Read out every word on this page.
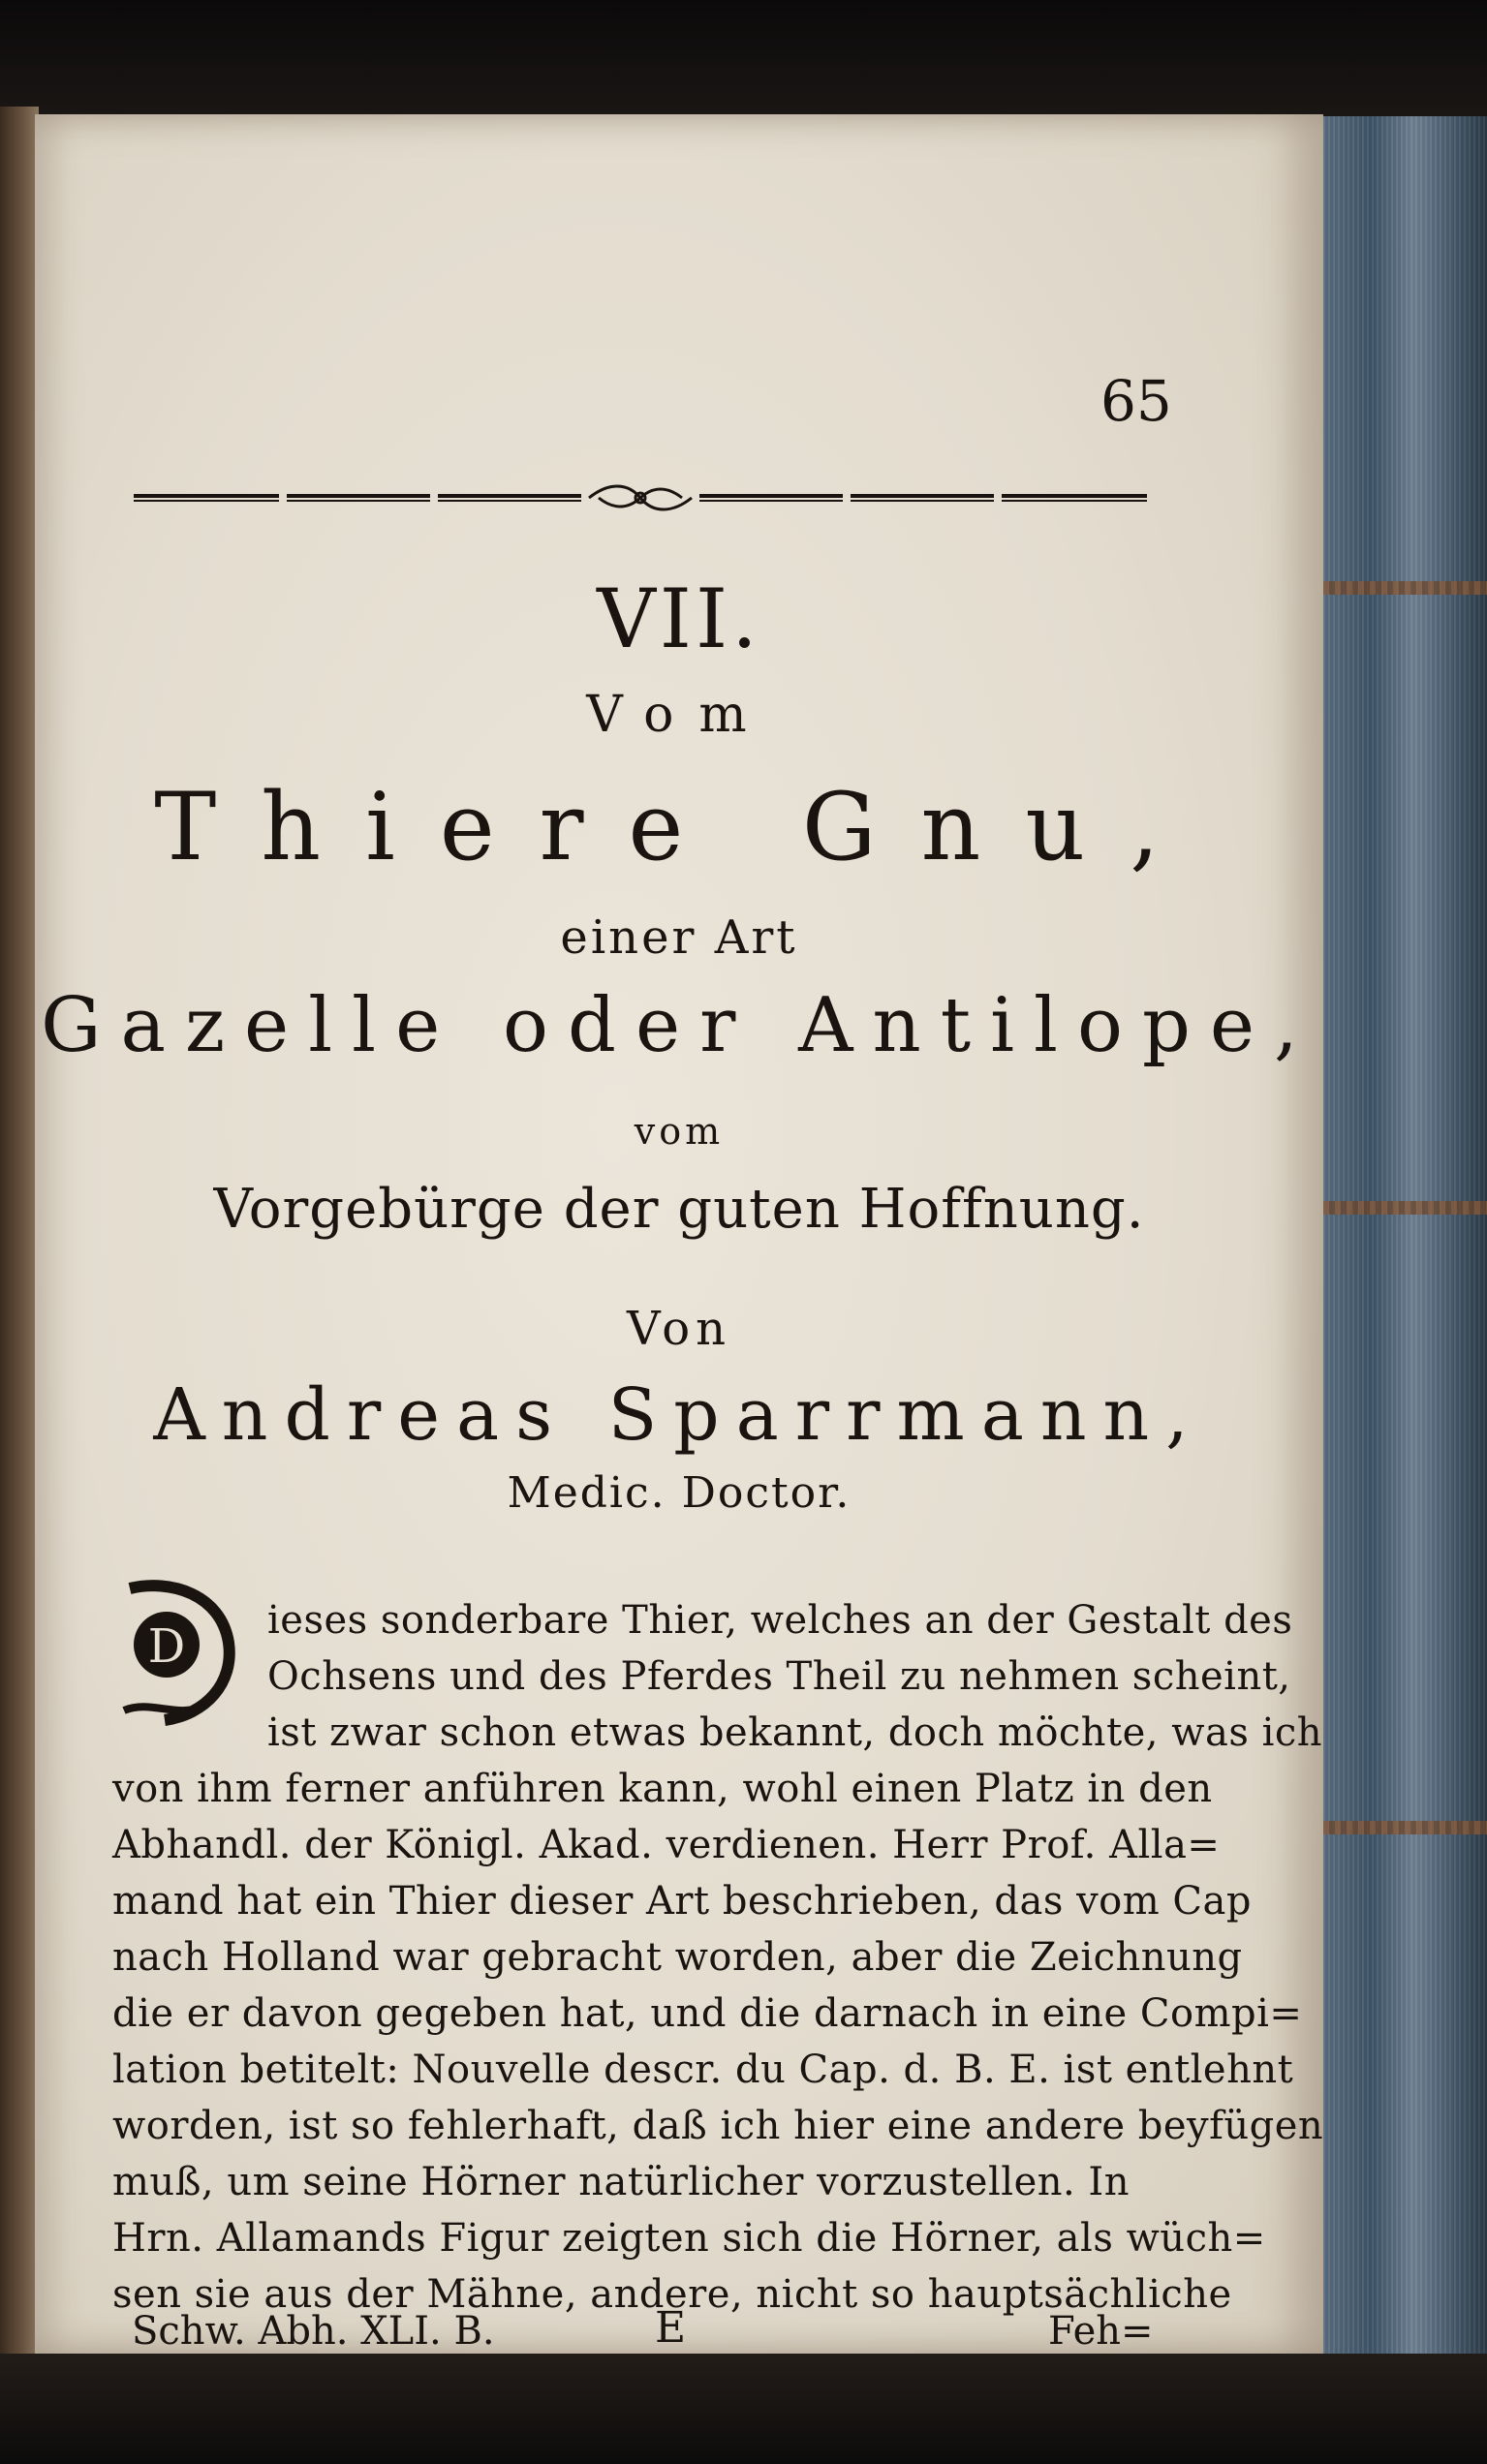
65
VII.
Vom
Thiere Gnu,
einer Art
Gazelle oder Antilope,
vom
Vorgebürge der guten Hoffnung.
Von
Andreas Sparrmann,
Medic. Doctor.
D ieses sonderbare Thier, welches an der Gestalt des
Ochsens und des Pferdes Theil zu nehmen scheint,
ist zwar schon etwas bekannt, doch möchte, was ich
von ihm ferner anführen kann, wohl einen Platz in den
Abhandl. der Königl. Akad. verdienen. Herr Prof. Alla=
mand hat ein Thier dieser Art beschrieben, das vom Cap
nach Holland war gebracht worden, aber die Zeichnung
die er davon gegeben hat, und die darnach in eine Compi=
lation betitelt: Nouvelle descr. du Cap. d. B. E. ist entlehnt
worden, ist so fehlerhaft, daß ich hier eine andere beyfügen
muß, um seine Hörner natürlicher vorzustellen. In
Hrn. Allamands Figur zeigten sich die Hörner, als wüch=
sen sie aus der Mähne, andere, nicht so hauptsächliche
Schw. Abh. XLI. B.	E	Feh=
